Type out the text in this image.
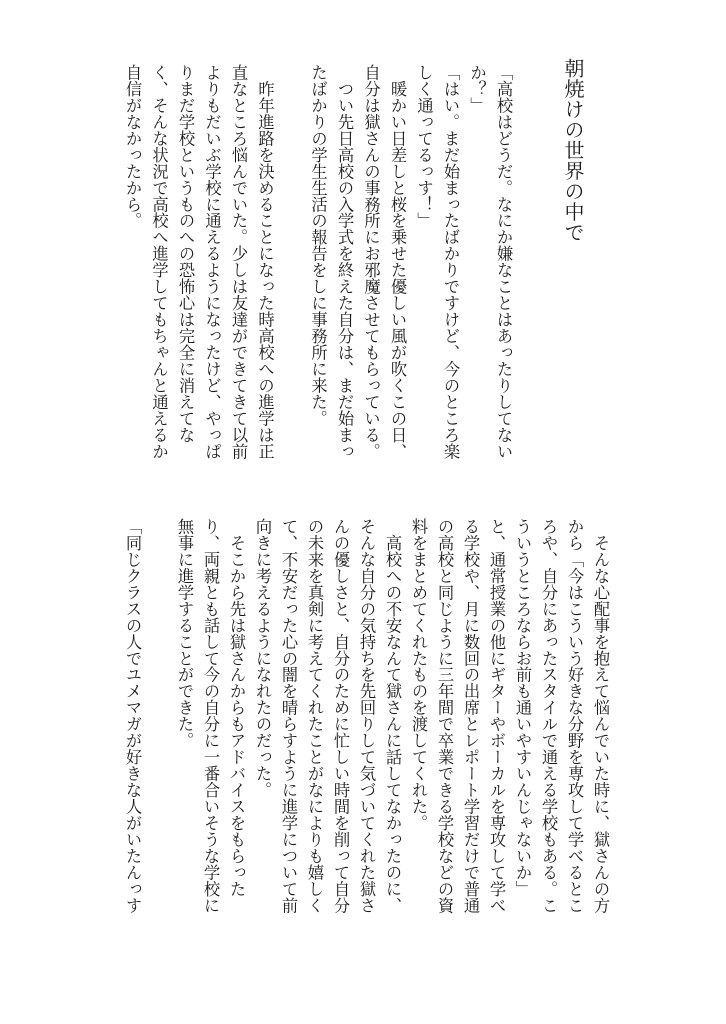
朝焼けの世界の中で
「高校はどうだ。なにか嫌なことはあったりしてない
か？」
「はい。まだ始まったばかりですけど、今のところ楽
しく通ってるっす！」
　暖かい日差しと桜を乗せた優しい風が吹くこの日、
自分は獄さんの事務所にお邪魔させてもらっている。
　つい先日高校の入学式を終えた自分は、まだ始まっ
たばかりの学生生活の報告をしに事務所に来た。
　昨年進路を決めることになった時高校への進学は正
直なところ悩んでいた。少しは友達ができてきて以前
よりもだいぶ学校に通えるようになったけど、やっぱ
りまだ学校というものへの恐怖心は完全に消えてな
く、そんな状況で高校へ進学してもちゃんと通えるか
自信がなかったから。
　そんな心配事を抱えて悩んでいた時に、獄さんの方
から「今はこういう好きな分野を専攻して学べるとこ
ろや、自分にあったスタイルで通える学校もある。こ
ういうところならお前も通いやすいんじゃないか」
と、通常授業の他にギターやボーカルを専攻して学べ
る学校や、月に数回の出席とレポート学習だけで普通
の高校と同じように三年間で卒業できる学校などの資
料をまとめてくれたものを渡してくれた。
　高校への不安なんて獄さんに話してなかったのに、
そんな自分の気持ちを先回りして気づいてくれた獄さ
んの優しさと、自分のために忙しい時間を削って自分
の未来を真剣に考えてくれたことがなによりも嬉しく
て、不安だった心の闇を晴らすように進学について前
向きに考えるようになれたのだった。
　そこから先は獄さんからもアドバイスをもらった
り、両親とも話して今の自分に一番合いそうな学校に
無事に進学することができた。
「同じクラスの人でユメマガが好きな人がいたんっす
